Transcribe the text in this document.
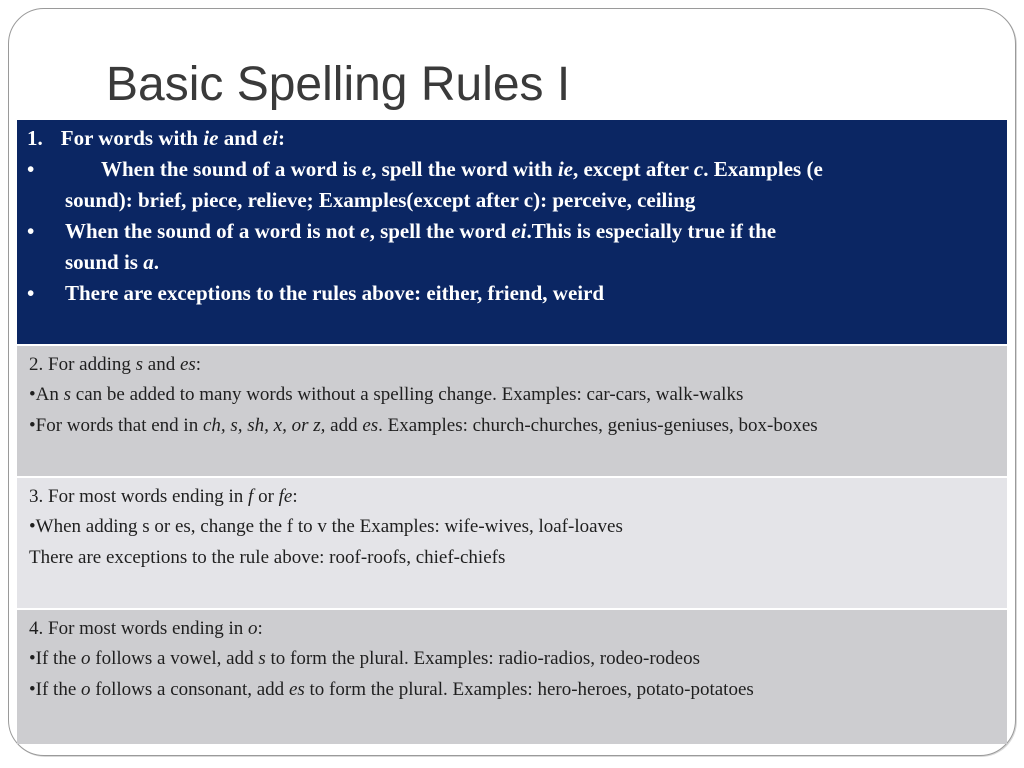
Basic Spelling Rules I
1. For words with ie and ei:
•	When the sound of a word is e, spell the word with ie, except after c. Examples (e
sound): brief, piece, relieve; Examples(except after c): perceive, ceiling
•	When the sound of a word is not e, spell the word ei.This is especially true if the
sound is a.
•	There are exceptions to the rules above: either, friend, weird
2. For adding s and es:
•An s can be added to many words without a spelling change. Examples: car-cars, walk-walks
•For words that end in ch, s, sh, x, or z, add es. Examples: church-churches, genius-geniuses, box-boxes
3. For most words ending in f or fe:
•When adding s or es, change the f to v the Examples: wife-wives, loaf-loaves
There are exceptions to the rule above: roof-roofs, chief-chiefs
4. For most words ending in o:
•If the o follows a vowel, add s to form the plural. Examples: radio-radios, rodeo-rodeos
•If the o follows a consonant, add es to form the plural. Examples: hero-heroes, potato-potatoes
